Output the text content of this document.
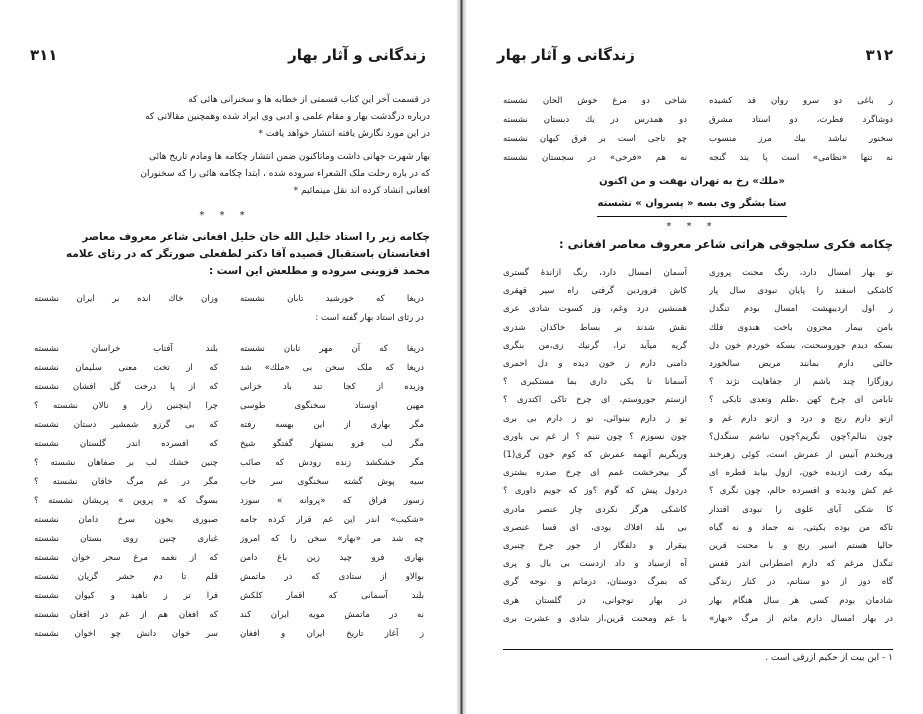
زندگانی و آثار بهار
۳۱۱
در قسمت آخر این کتاب قسمتی از خطابه ها و سخنرانی هائی که
درباره درگذشت بهار و مقام علمی و ادبی وی ایراد شده وهمچنین مقالاتی که
در این مورد نگارش یافته انتشار خواهد یافت *
بهار شهرت جهانی داشت وماتاکنون ضمن انتشار چکامه ها ومادم تاریخ هائی
که در باره رحلت ملک الشعراء سروده شده ، ابتدا چکامه هائی را که سخنوران
افغانی انشاد کرده اند نقل مینمائیم *
* * *
چکامه زیر را استاد خلیل الله خان خلیل افغانی شاعر معروف معاصر
افغانستان باستقبال قصیده آقا دکتر لطفعلی صورتگر که در رثای علامه
محمد قزوینی سروده و مطلعش این است :
دریغا که خورشید تابان نشسته
وزان خاك انده بر ایران نشسته
در رثای استاد بهار گفته است :
دریغا که آن مهر تابان نشسته
بلند آفتاب خراسان نشسته
دریغا که ملک سخن بی «ملك» شد
که از تخت معنی سلیمان نشسته
وزیده از کجا تند باد خزانی
که از پا درخت گل افشان نشسته
مهین اوستاد سخنگوی طوسی
چرا اینچنین زار و نالان نشسته ؟
مگر بهاری از این بهسه رفته
که بی گرزو شمشیر دستان نشسته
مگر لب فرو بستهاز گفتگو شیخ
که افسرده اندر گلستان نشسته
مگر خشکشد زنده رودش که صائب
چنین خشك لب بر صفاهان نشسته ؟
سیه پوش گشته سخنگوی سر خاب
مگر در غم مرگ خاقان نشسته ؟
زسوز فراق که «پروانه » سوزد
بسوگ که « پروین » پریشان نشسته ؟
«شکیب» اندر این غم قرار کرده جامه
صبوری بخون سرخ دامان نشسته
چه شد مر «بهار» سخن را که امروز
غباری چنین روی بستان نشسته
بهاری فرو چید زین باغ دامن
که از نغمه مرغ سحر خوان نشسته
بوالاو از ستادی که در ماتمش
قلم تا دم حشر گریان نشسته
بلند آسمانی که اقمار کلکش
فرا تر ز ناهید و کیوان نشسته
نه در ماتمش مویه ایران کند
که افغان هم از غم در افغان نشسته
ز آغاز تاریخ ایران و افغان
سر خوان دانش چو اخوان نشسته
۳۱۲
زندگانی و آثار بهار
ز باغی دو سرو روان قد کشیده
شاخی دو مرغ خوش الحان نشسته
دوشاگرد فطرت، دو استاد مشرق
دو همدرس در یك دبستان نشسته
سخنور نباشد بیك مرز منسوب
چو تاجی است بر فرق کیهان نشسته
نه تنها «نظامی» است پا بند گنجه
نه هم «فرخی» در سجستان نشسته
«ملك» رخ به تهران نهفت و من اکنون
ستا بشگر وی بسه « پسروان » نشسته
* * *
چکامه فکری سلجوقی هراتی شاعر معروف معاصر افغانی :
نو بهار امسال دارد، رنگ محنت پروری
آسمان امسال دارد، رنگ ازاندهٔ گستری
کاشکی اسفند را پایان نبودی سال پار
کاش فروردین گرفتی راه سیر قهقری
ز اول اردیبهشت امسال بودم تنگدل
همنشین درد وغم، وز کسوت شادی عری
بامن بیمار محزون باخت هندوی فلك
نقش شدند بر بساط خاکدان شدری
بسکه دیدم جوروسحنت، بسکه خوردم خون دل
گریه میآید ترا، گرنیك زی،من بنگری
حالتی دارم بمانند مریض سالخورد
دامنی دارم ز خون دیده و دل احمری
روزگارا چند باشم از جفاهایت نژند ؟
آسمانا تا بکی داری بما مستکبری ؟
تابامن ای چرخ کهن ،ظلم وتعدی تابکی ؟
ازستم جوروستم، ای چرخ تاکی اکتدری ؟
ازتو دارم رنج و درد و ازتو دارم غم و
تو ز دارم بینوائی، تو ز دارم بی بری
چون ننالم؟چون نگریم؟چون نباشم سنگدل؟
چون نسوزم ؟ چون ننیم ؟ از غم بی یاوری
وربخندم آنیس از عمرش است، کوئی زهرخند
وربگریم آنهمه عمرش که کوم خون گری(1)
بیکه رفت ازدیده خون، ازول بیابد قطره ای
گر بیجرخشت غمم ای چرخ صدره بشتری
غم کش ودیده و افسرده حالم، چون نگری ؟
دردول پیش که گوم ؟وز که جویم داوری ؟
کا شکی آبای علوی را نبودی اقتدار
کاشکی هرگز نکردی چار عنصر مادری
تاکه من بوده بکیتی، نه جماد و نه گیاه
بی بلد افلاك بودی، ای قسا عنصری
حالیا هستم اسیر رنج و با محنت قرین
بیقرار و دلفگار از جور چرخ چنبری
تنگدل مرغم که دارم اضطرابی اندر قفس
آه ازسیاد و داد ازدست بی بال و پری
گاه دوز از دو ستانم، در کنار زندگی
که بمرگ دوستان، درماتم و نوحه گری
شادمان بودم کسی هر سال هنگام بهار
در بهار نوجوانی، در گلستان هری
در بهار امسال دارم ماتم از مرگ «بهار»
با غم ومحنت قرین،از شادی و عشرت بری
۱ - این بیت از حکیم ازرقی است .
